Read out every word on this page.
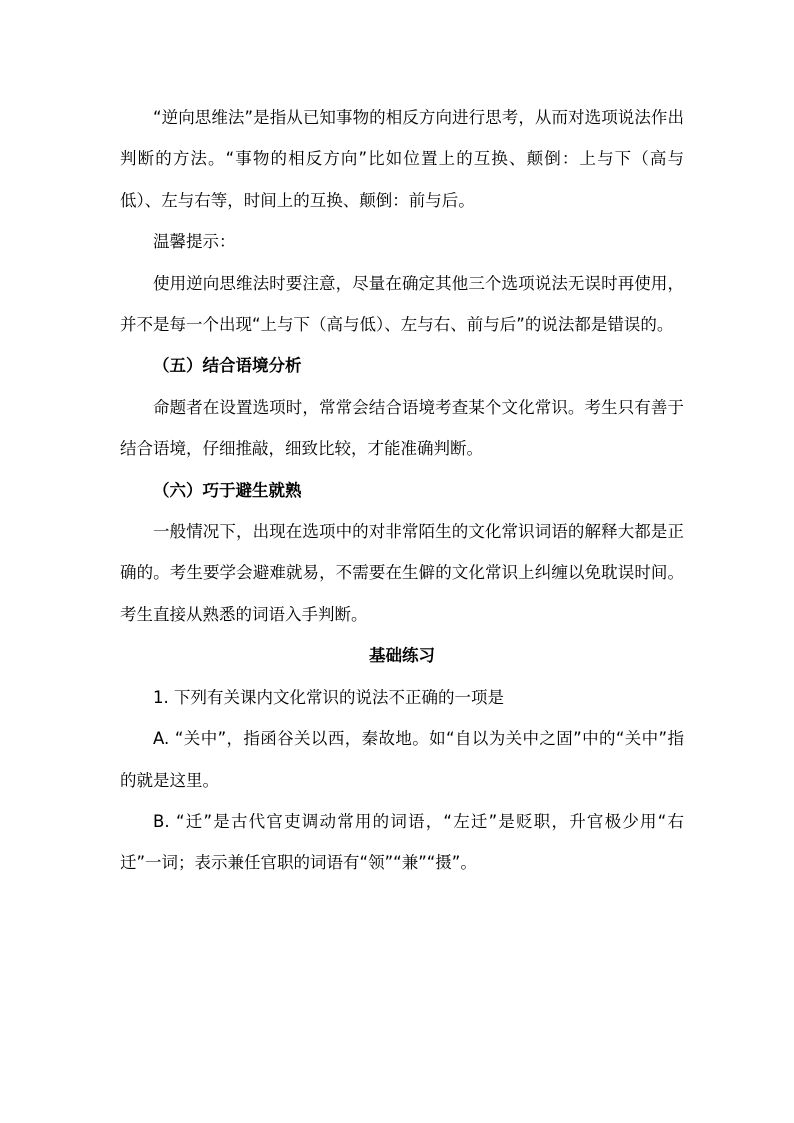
“逆向思维法”是指从已知事物的相反方向进行思考，从而对选项说法作出判断的方法。“事物的相反方向”比如位置上的互换、颠倒：上与下（高与低）、左与右等，时间上的互换、颠倒：前与后。

温馨提示：

使用逆向思维法时要注意，尽量在确定其他三个选项说法无误时再使用，并不是每一个出现“上与下（高与低）、左与右、前与后”的说法都是错误的。

（五）结合语境分析

命题者在设置选项时，常常会结合语境考查某个文化常识。考生只有善于结合语境，仔细推敲，细致比较，才能准确判断。

（六）巧于避生就熟

一般情况下，出现在选项中的对非常陌生的文化常识词语的解释大都是正确的。考生要学会避难就易，不需要在生僻的文化常识上纠缠以免耽误时间。考生直接从熟悉的词语入手判断。

基础练习

1. 下列有关课内文化常识的说法不正确的一项是

A. “关中”，指函谷关以西，秦故地。如“自以为关中之固”中的“关中”指的就是这里。

B. “迁”是古代官吏调动常用的词语，“左迁”是贬职，升官极少用“右迁”一词；表示兼任官职的词语有“领”“兼”“摄”。
